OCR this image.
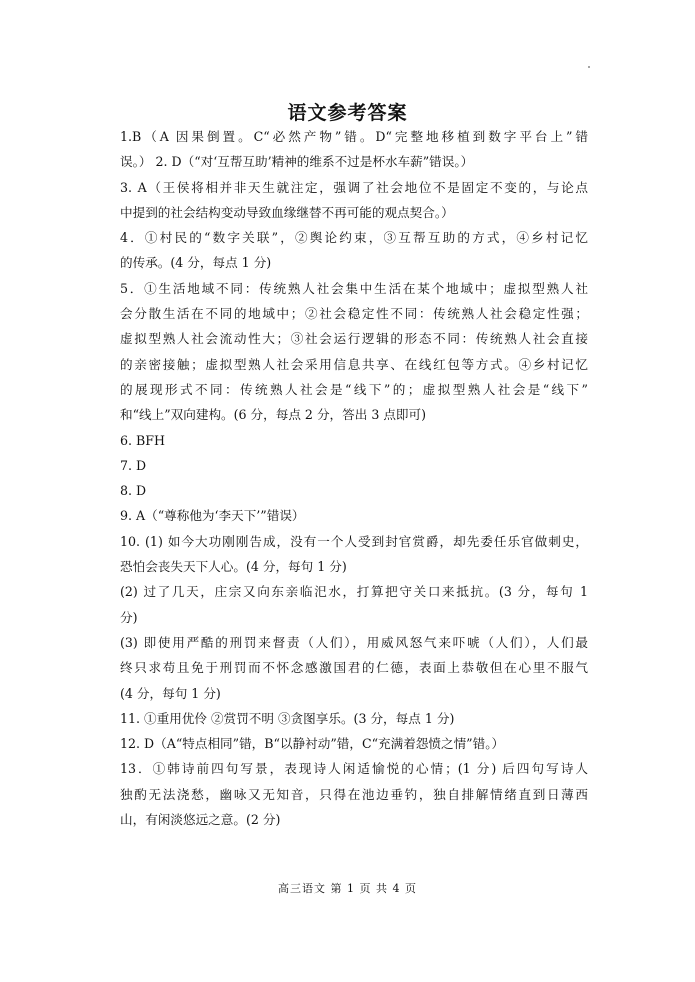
语文参考答案
1.B（A 因果倒置。C“必然产物”错。D“完整地移植到数字平台上”错
误。） 2. D（“对‘互帮互助’精神的维系不过是杯水车薪”错误。）
3. A（王侯将相并非天生就注定，强调了社会地位不是固定不变的，与论点
中提到的社会结构变动导致血缘继替不再可能的观点契合。）
4．①村民的“数字关联”，②舆论约束，③互帮互助的方式，④乡村记忆
的传承。(4 分，每点 1 分)
5．①生活地域不同：传统熟人社会集中生活在某个地域中；虚拟型熟人社
会分散生活在不同的地域中；②社会稳定性不同：传统熟人社会稳定性强；
虚拟型熟人社会流动性大；③社会运行逻辑的形态不同：传统熟人社会直接
的亲密接触；虚拟型熟人社会采用信息共享、在线红包等方式。④乡村记忆
的展现形式不同：传统熟人社会是“线下”的；虚拟型熟人社会是“线下”
和“线上”双向建构。(6 分，每点 2 分，答出 3 点即可)
6. BFH
7. D
8. D
9. A（“尊称他为‘李天下’”错误）
10. (1) 如今大功刚刚告成，没有一个人受到封官赏爵，却先委任乐官做刺史，
恐怕会丧失天下人心。(4 分，每句 1 分)
(2) 过了几天，庄宗又向东亲临汜水，打算把守关口来抵抗。(3 分，每句 1
分)
(3) 即使用严酷的刑罚来督责（人们），用威风怒气来吓唬（人们），人们最
终只求苟且免于刑罚而不怀念感激国君的仁德，表面上恭敬但在心里不服气
(4 分，每句 1 分)
11. ①重用优伶 ②赏罚不明 ③贪图享乐。(3 分，每点 1 分)
12. D（A“特点相同”错，B“以静衬动”错，C“充满着怨愤之情”错。）
13．①韩诗前四句写景，表现诗人闲适愉悦的心情；(1 分) 后四句写诗人
独酌无法浇愁，幽咏又无知音，只得在池边垂钓，独自排解情绪直到日薄西
山，有闲淡悠远之意。(2 分)
高三语文 第 1 页 共 4 页
